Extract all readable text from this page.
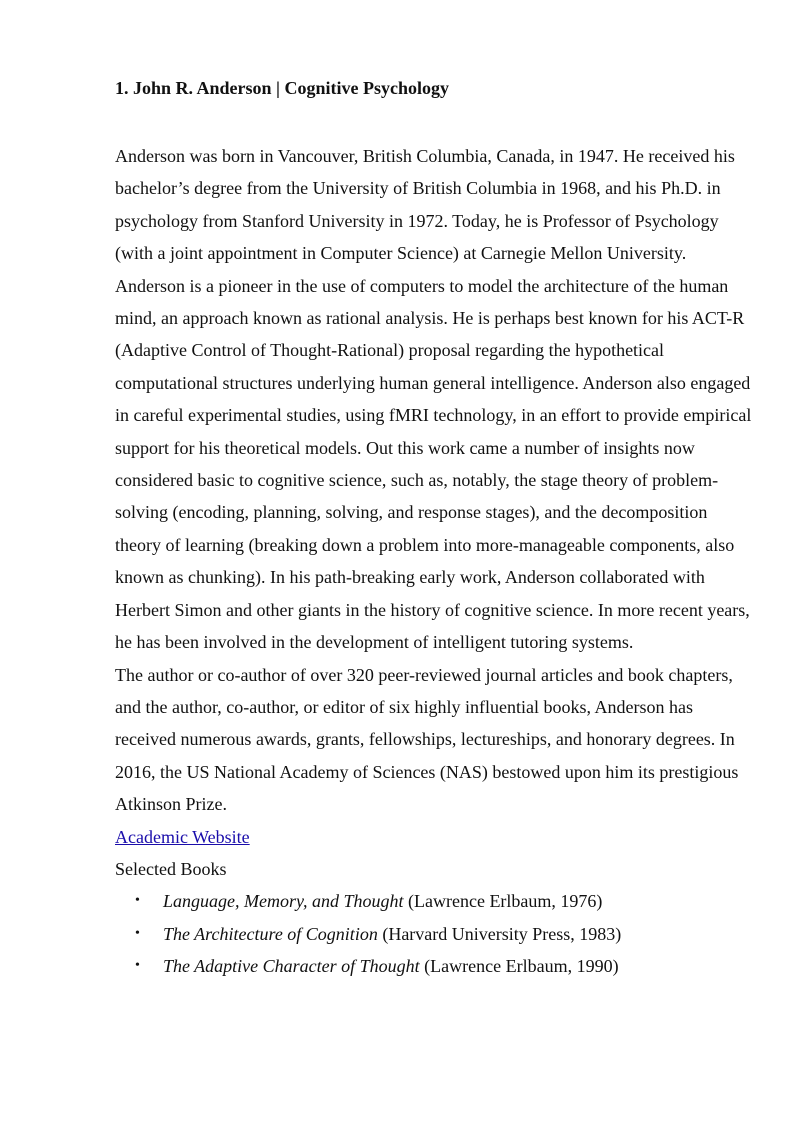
1. John R. Anderson | Cognitive Psychology

Anderson was born in Vancouver, British Columbia, Canada, in 1947. He received his bachelor’s degree from the University of British Columbia in 1968, and his Ph.D. in psychology from Stanford University in 1972. Today, he is Professor of Psychology (with a joint appointment in Computer Science) at Carnegie Mellon University.

Anderson is a pioneer in the use of computers to model the architecture of the human mind, an approach known as rational analysis. He is perhaps best known for his ACT-R (Adaptive Control of Thought-Rational) proposal regarding the hypothetical computational structures underlying human general intelligence. Anderson also engaged in careful experimental studies, using fMRI technology, in an effort to provide empirical support for his theoretical models. Out this work came a number of insights now considered basic to cognitive science, such as, notably, the stage theory of problem-solving (encoding, planning, solving, and response stages), and the decomposition theory of learning (breaking down a problem into more-manageable components, also known as chunking). In his path-breaking early work, Anderson collaborated with Herbert Simon and other giants in the history of cognitive science. In more recent years, he has been involved in the development of intelligent tutoring systems.

The author or co-author of over 320 peer-reviewed journal articles and book chapters, and the author, co-author, or editor of six highly influential books, Anderson has received numerous awards, grants, fellowships, lectureships, and honorary degrees. In 2016, the US National Academy of Sciences (NAS) bestowed upon him its prestigious Atkinson Prize.

Academic Website
Selected Books
• Language, Memory, and Thought (Lawrence Erlbaum, 1976)
• The Architecture of Cognition (Harvard University Press, 1983)
• The Adaptive Character of Thought (Lawrence Erlbaum, 1990)
